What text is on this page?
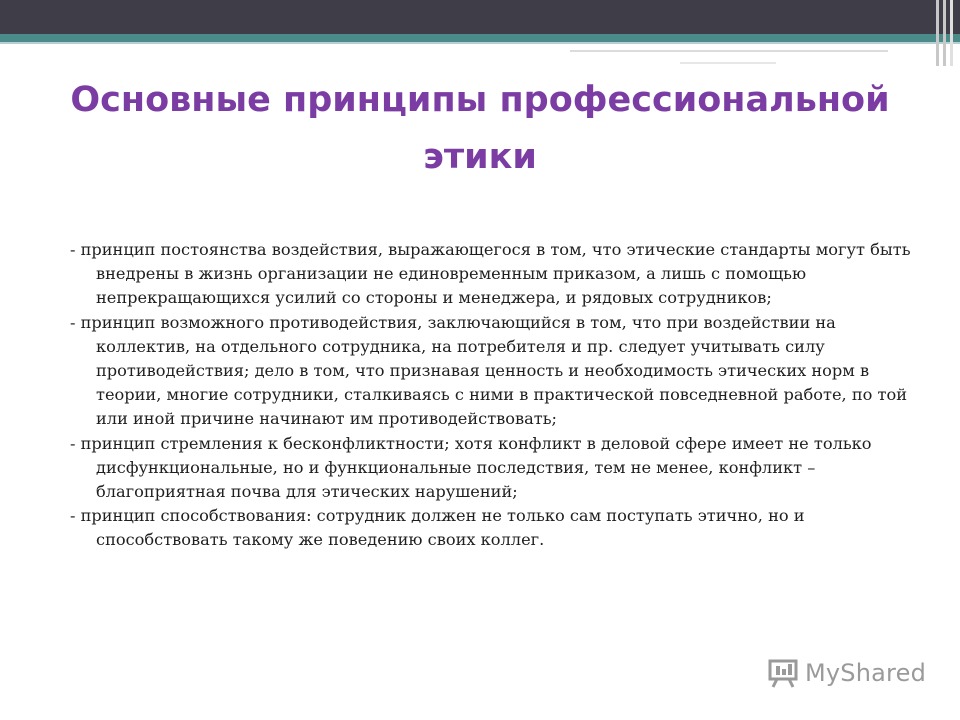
Основные принципы профессиональной этики

- принцип постоянства воздействия, выражающегося в том, что этические стандарты могут быть внедрены в жизнь организации не единовременным приказом, а лишь с помощью непрекращающихся усилий со стороны и менеджера, и рядовых сотрудников;

- принцип возможного противодействия, заключающийся в том, что при воздействии на коллектив, на отдельного сотрудника, на потребителя и пр. следует учитывать силу противодействия; дело в том, что признавая ценность и необходимость этических норм в теории, многие сотрудники, сталкиваясь с ними в практической повседневной работе, по той или иной причине начинают им противодействовать;

- принцип стремления к бесконфликтности; хотя конфликт в деловой сфере имеет не только дисфункциональные, но и функциональные последствия, тем не менее, конфликт – благоприятная почва для этических нарушений;

- принцип способствования: сотрудник должен не только сам поступать этично, но и способствовать такому же поведению своих коллег.

MyShared
